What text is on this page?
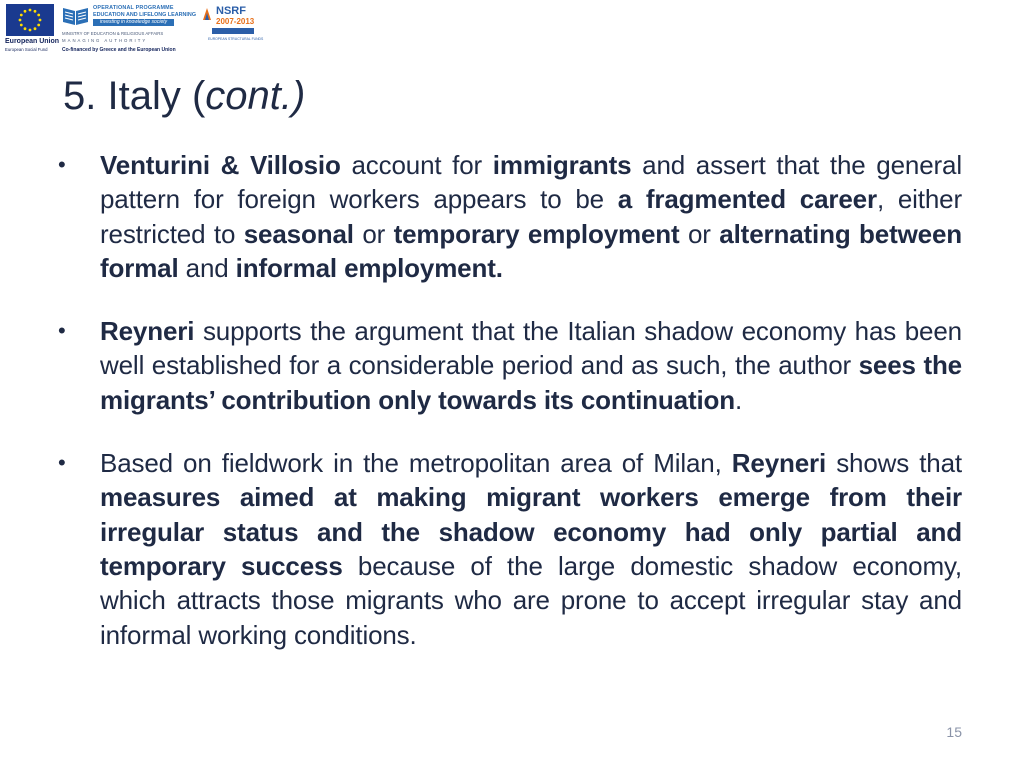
European Union
European Social Fund
OPERATIONAL PROGRAMME
EDUCATION AND LIFELONG LEARNING
investing in knowledge society
MINISTRY OF EDUCATION & RELIGIOUS AFFAIRS
MANAGING AUTHORITY
Co-financed by Greece and the European Union
NSRF
2007-2013
EUROPEAN STRUCTURAL FUNDS
5. Italy (cont.)
• Venturini & Villosio account for immigrants and assert that the general pattern for foreign workers appears to be a fragmented career, either restricted to seasonal or temporary employment or alternating between formal and informal employment.

• Reyneri supports the argument that the Italian shadow economy has been well established for a considerable period and as such, the author sees the migrants’ contribution only towards its continuation.

• Based on fieldwork in the metropolitan area of Milan, Reyneri shows that measures aimed at making migrant workers emerge from their irregular status and the shadow economy had only partial and temporary success because of the large domestic shadow economy, which attracts those migrants who are prone to accept irregular stay and informal working conditions.

15
